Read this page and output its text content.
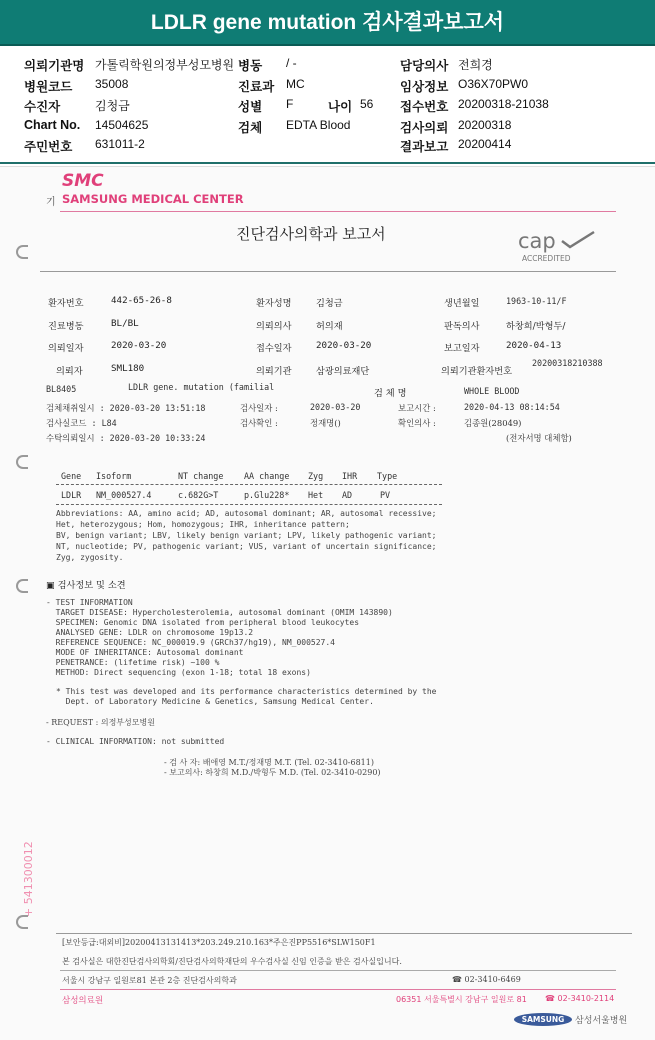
LDLR gene mutation 검사결과보고서
의뢰기관명 가톨릭학원의정부성모병원 병동 / -	담당의사 전희경
병원코드 35008	진료과 MC	임상정보 O36X70PW0
수진자	김청금	성별 F	나이 56 접수번호 20200318-21038
Chart No. 14504625	검체 EDTA Blood	검사의뢰 20200318
주민번호 631011-2	결과보고 20200414
SMC
기 SAMSUNG MEDICAL CENTER
진단검사의학과 보고서	cap
ACCREDITED
환자번호	442-65-26-8	환자성명	김청금	생년월일	1963-10-11/F
진료병동	BL/BL	의뢰의사	허의재	판독의사	하창희/박형두/
의뢰일자	2020-03-20	접수일자	2020-03-20	보고일자	2020-04-13
의뢰자	SML180	의뢰기관	삼광의료재단	의뢰기관환자번호
20200318210388
BL8405	LDLR gene. mutation (familial
검 체 명	WHOLE BLOOD
검체채취일시 : 2020-03-20 13:51:18	검사일자 :	2020-03-20	보고시간 :	2020-04-13 08:14:54
검사실코드 : L84	검사확인 :	정재명()	확인의사 :	김종원(28049)
수탁의뢰일시 : 2020-03-20 10:33:24	(전자서명 대체함)
Gene Isoform	NT change AA change Zyg IHR Type
LDLR NM_000527.4	c.682G>T	p.Glu228* Het AD	PV
Abbreviations: AA, amino acid; AD, autosomal dominant; AR, autosomal recessive;
Het, heterozygous; Hom, homozygous; IHR, inheritance pattern;
BV, benign variant; LBV, likely benign variant; LPV, likely pathogenic variant;
NT, nucleotide; PV, pathogenic variant; VUS, variant of uncertain significance;
Zyg, zygosity.
▣ 검사정보 및 소견
- TEST INFORMATION
TARGET DISEASE: Hypercholesterolemia, autosomal dominant (OMIM 143890)
SPECIMEN: Genomic DNA isolated from peripheral blood leukocytes
ANALYSED GENE: LDLR on chromosome 19p13.2
REFERENCE SEQUENCE: NC_000019.9 (GRCh37/hg19), NM_000527.4
MODE OF INHERITANCE: Autosomal dominant
PENETRANCE: (lifetime risk) ~100 %
METHOD: Direct sequencing (exon 1-18; total 18 exons)
* This test was developed and its performance characteristics determined by the
Dept. of Laboratory Medicine & Genetics, Samsung Medical Center.
- REQUEST : 의정부성모병원
- CLINICAL INFORMATION: not submitted
- 검 사 자: 배애영 M.T./정재명 M.T. (Tel. 02-3410-6811)
- 보고의사: 하창희 M.D./박형두 M.D. (Tel. 02-3410-0290)
+ 541300012
[보안등급:대외비]20200413131413*203.249.210.163*주은진PP5516*SLW150F1
본 검사실은 대한진단검사의학회/진단검사의학재단의 우수검사실 신임 인증을 받은 검사실입니다.
서울시 강남구 일원로81 본관 2층 진단검사의학과	☎ 02-3410-6469
삼성의료원	06351 서울특별시 강남구 일원로 81 ☎ 02-3410-2114
SAMSUNG	삼성서울병원
